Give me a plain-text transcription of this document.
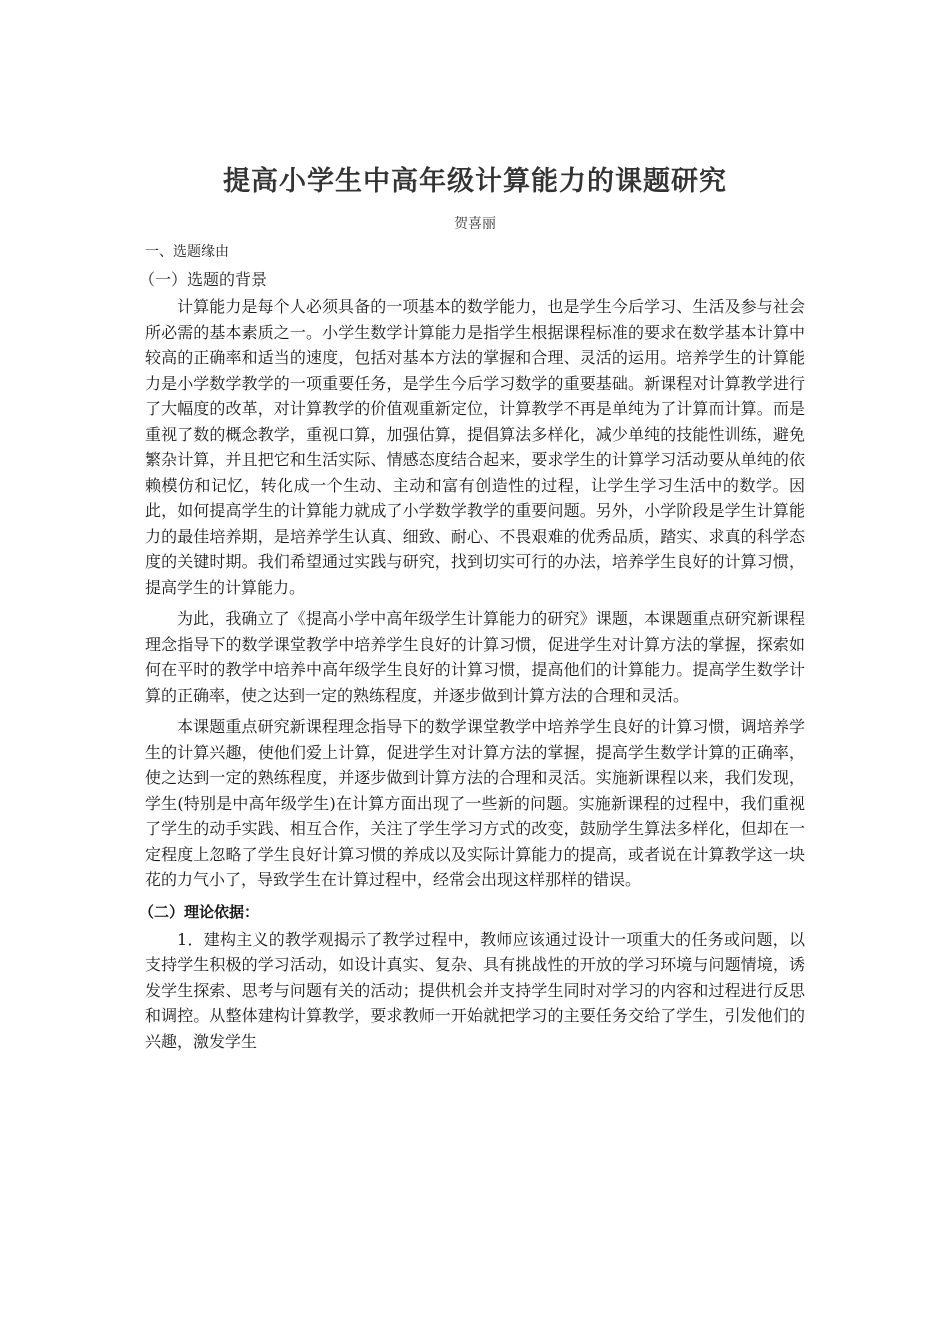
提高小学生中高年级计算能力的课题研究
贺喜丽
一、选题缘由
（一）选题的背景

计算能力是每个人必须具备的一项基本的数学能力，也是学生今后学习、生活及参与社会所必需的基本素质之一。小学生数学计算能力是指学生根据课程标准的要求在数学基本计算中较高的正确率和适当的速度，包括对基本方法的掌握和合理、灵活的运用。培养学生的计算能力是小学数学教学的一项重要任务，是学生今后学习数学的重要基础。新课程对计算教学进行了大幅度的改革，对计算教学的价值观重新定位，计算教学不再是单纯为了计算而计算。而是重视了数的概念教学，重视口算，加强估算，提倡算法多样化，减少单纯的技能性训练，避免繁杂计算，并且把它和生活实际、情感态度结合起来，要求学生的计算学习活动要从单纯的依赖模仿和记忆，转化成一个生动、主动和富有创造性的过程，让学生学习生活中的数学。因此，如何提高学生的计算能力就成了小学数学教学的重要问题。另外，小学阶段是学生计算能力的最佳培养期，是培养学生认真、细致、耐心、不畏艰难的优秀品质，踏实、求真的科学态度的关键时期。我们希望通过实践与研究，找到切实可行的办法，培养学生良好的计算习惯，提高学生的计算能力。

为此，我确立了《提高小学中高年级学生计算能力的研究》课题，本课题重点研究新课程理念指导下的数学课堂教学中培养学生良好的计算习惯，促进学生对计算方法的掌握，探索如何在平时的教学中培养中高年级学生良好的计算习惯，提高他们的计算能力。提高学生数学计算的正确率，使之达到一定的熟练程度，并逐步做到计算方法的合理和灵活。

本课题重点研究新课程理念指导下的数学课堂教学中培养学生良好的计算习惯，调培养学生的计算兴趣，使他们爱上计算，促进学生对计算方法的掌握，提高学生数学计算的正确率，使之达到一定的熟练程度，并逐步做到计算方法的合理和灵活。实施新课程以来，我们发现，学生(特别是中高年级学生)在计算方面出现了一些新的问题。实施新课程的过程中，我们重视了学生的动手实践、相互合作，关注了学生学习方式的改变，鼓励学生算法多样化，但却在一定程度上忽略了学生良好计算习惯的养成以及实际计算能力的提高，或者说在计算教学这一块花的力气小了，导致学生在计算过程中，经常会出现这样那样的错误。

（二）理论依据：

1．建构主义的教学观揭示了教学过程中，教师应该通过设计一项重大的任务或问题，以支持学生积极的学习活动，如设计真实、复杂、具有挑战性的开放的学习环境与问题情境，诱发学生探索、思考与问题有关的活动；提供机会并支持学生同时对学习的内容和过程进行反思和调控。从整体建构计算教学，要求教师一开始就把学习的主要任务交给了学生，引发他们的兴趣，激发学生
